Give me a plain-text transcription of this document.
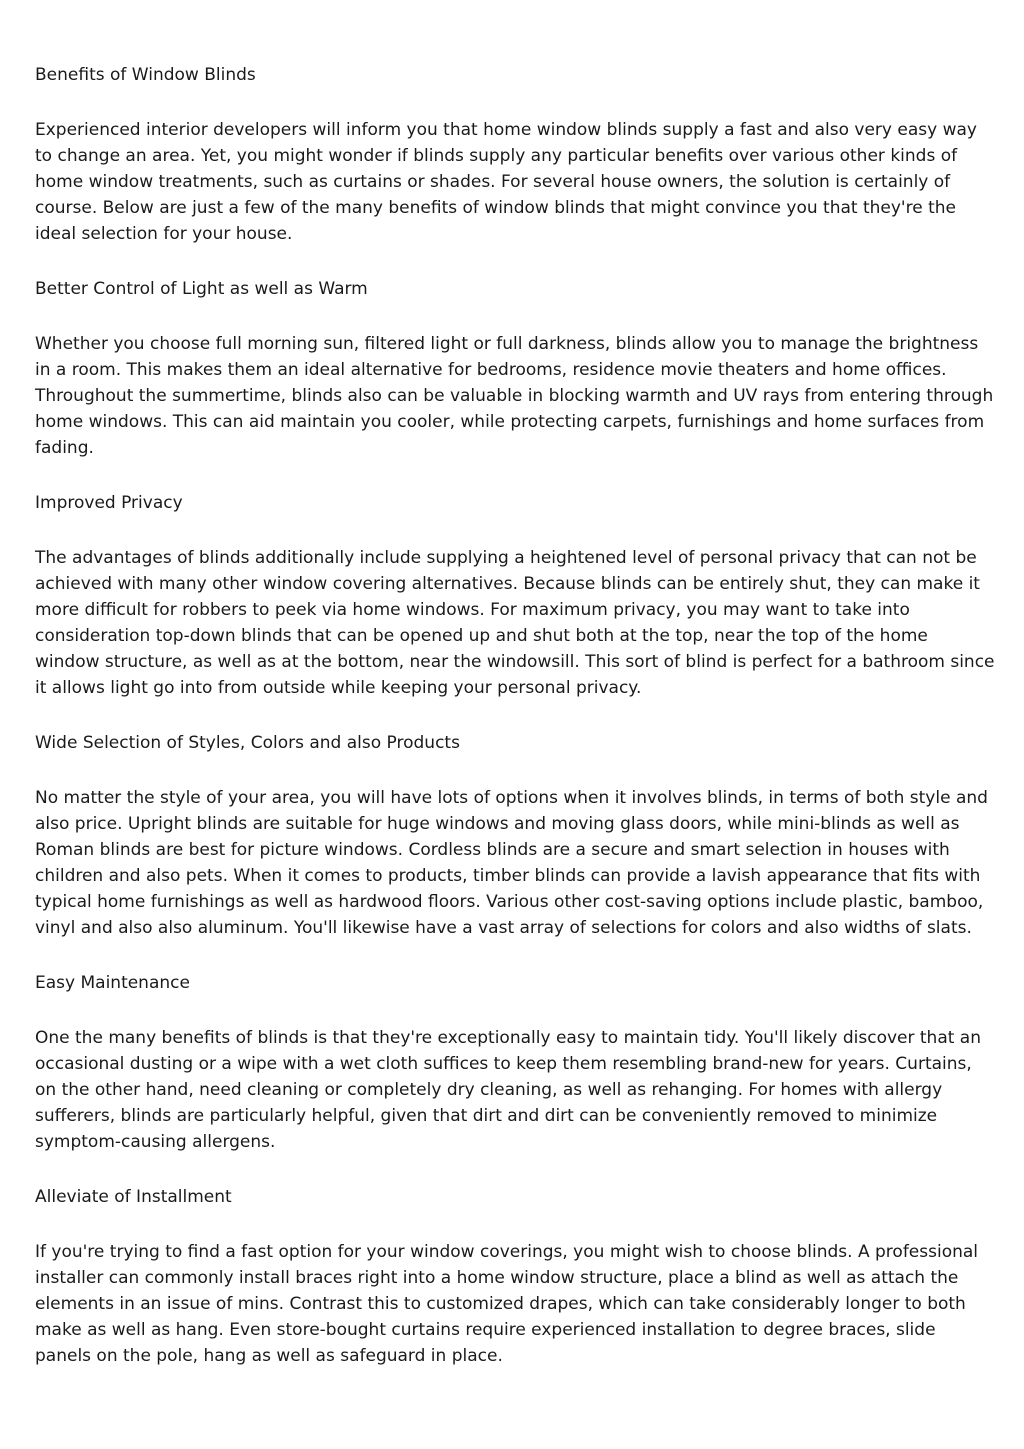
Benefits of Window Blinds

Experienced interior developers will inform you that home window blinds supply a fast and also very easy way to change an area. Yet, you might wonder if blinds supply any particular benefits over various other kinds of home window treatments, such as curtains or shades. For several house owners, the solution is certainly of course. Below are just a few of the many benefits of window blinds that might convince you that they're the ideal selection for your house.

Better Control of Light as well as Warm

Whether you choose full morning sun, filtered light or full darkness, blinds allow you to manage the brightness in a room. This makes them an ideal alternative for bedrooms, residence movie theaters and home offices. Throughout the summertime, blinds also can be valuable in blocking warmth and UV rays from entering through home windows. This can aid maintain you cooler, while protecting carpets, furnishings and home surfaces from fading.

Improved Privacy

The advantages of blinds additionally include supplying a heightened level of personal privacy that can not be achieved with many other window covering alternatives. Because blinds can be entirely shut, they can make it more difficult for robbers to peek via home windows. For maximum privacy, you may want to take into consideration top-down blinds that can be opened up and shut both at the top, near the top of the home window structure, as well as at the bottom, near the windowsill. This sort of blind is perfect for a bathroom since it allows light go into from outside while keeping your personal privacy.

Wide Selection of Styles, Colors and also Products

No matter the style of your area, you will have lots of options when it involves blinds, in terms of both style and also price. Upright blinds are suitable for huge windows and moving glass doors, while mini-blinds as well as Roman blinds are best for picture windows. Cordless blinds are a secure and smart selection in houses with children and also pets. When it comes to products, timber blinds can provide a lavish appearance that fits with typical home furnishings as well as hardwood floors. Various other cost-saving options include plastic, bamboo, vinyl and also also aluminum. You'll likewise have a vast array of selections for colors and also widths of slats.

Easy Maintenance

One the many benefits of blinds is that they're exceptionally easy to maintain tidy. You'll likely discover that an occasional dusting or a wipe with a wet cloth suffices to keep them resembling brand-new for years. Curtains, on the other hand, need cleaning or completely dry cleaning, as well as rehanging. For homes with allergy sufferers, blinds are particularly helpful, given that dirt and dirt can be conveniently removed to minimize symptom-causing allergens.

Alleviate of Installment

If you're trying to find a fast option for your window coverings, you might wish to choose blinds. A professional installer can commonly install braces right into a home window structure, place a blind as well as attach the elements in an issue of mins. Contrast this to customized drapes, which can take considerably longer to both make as well as hang. Even store-bought curtains require experienced installation to degree braces, slide panels on the pole, hang as well as safeguard in place.
